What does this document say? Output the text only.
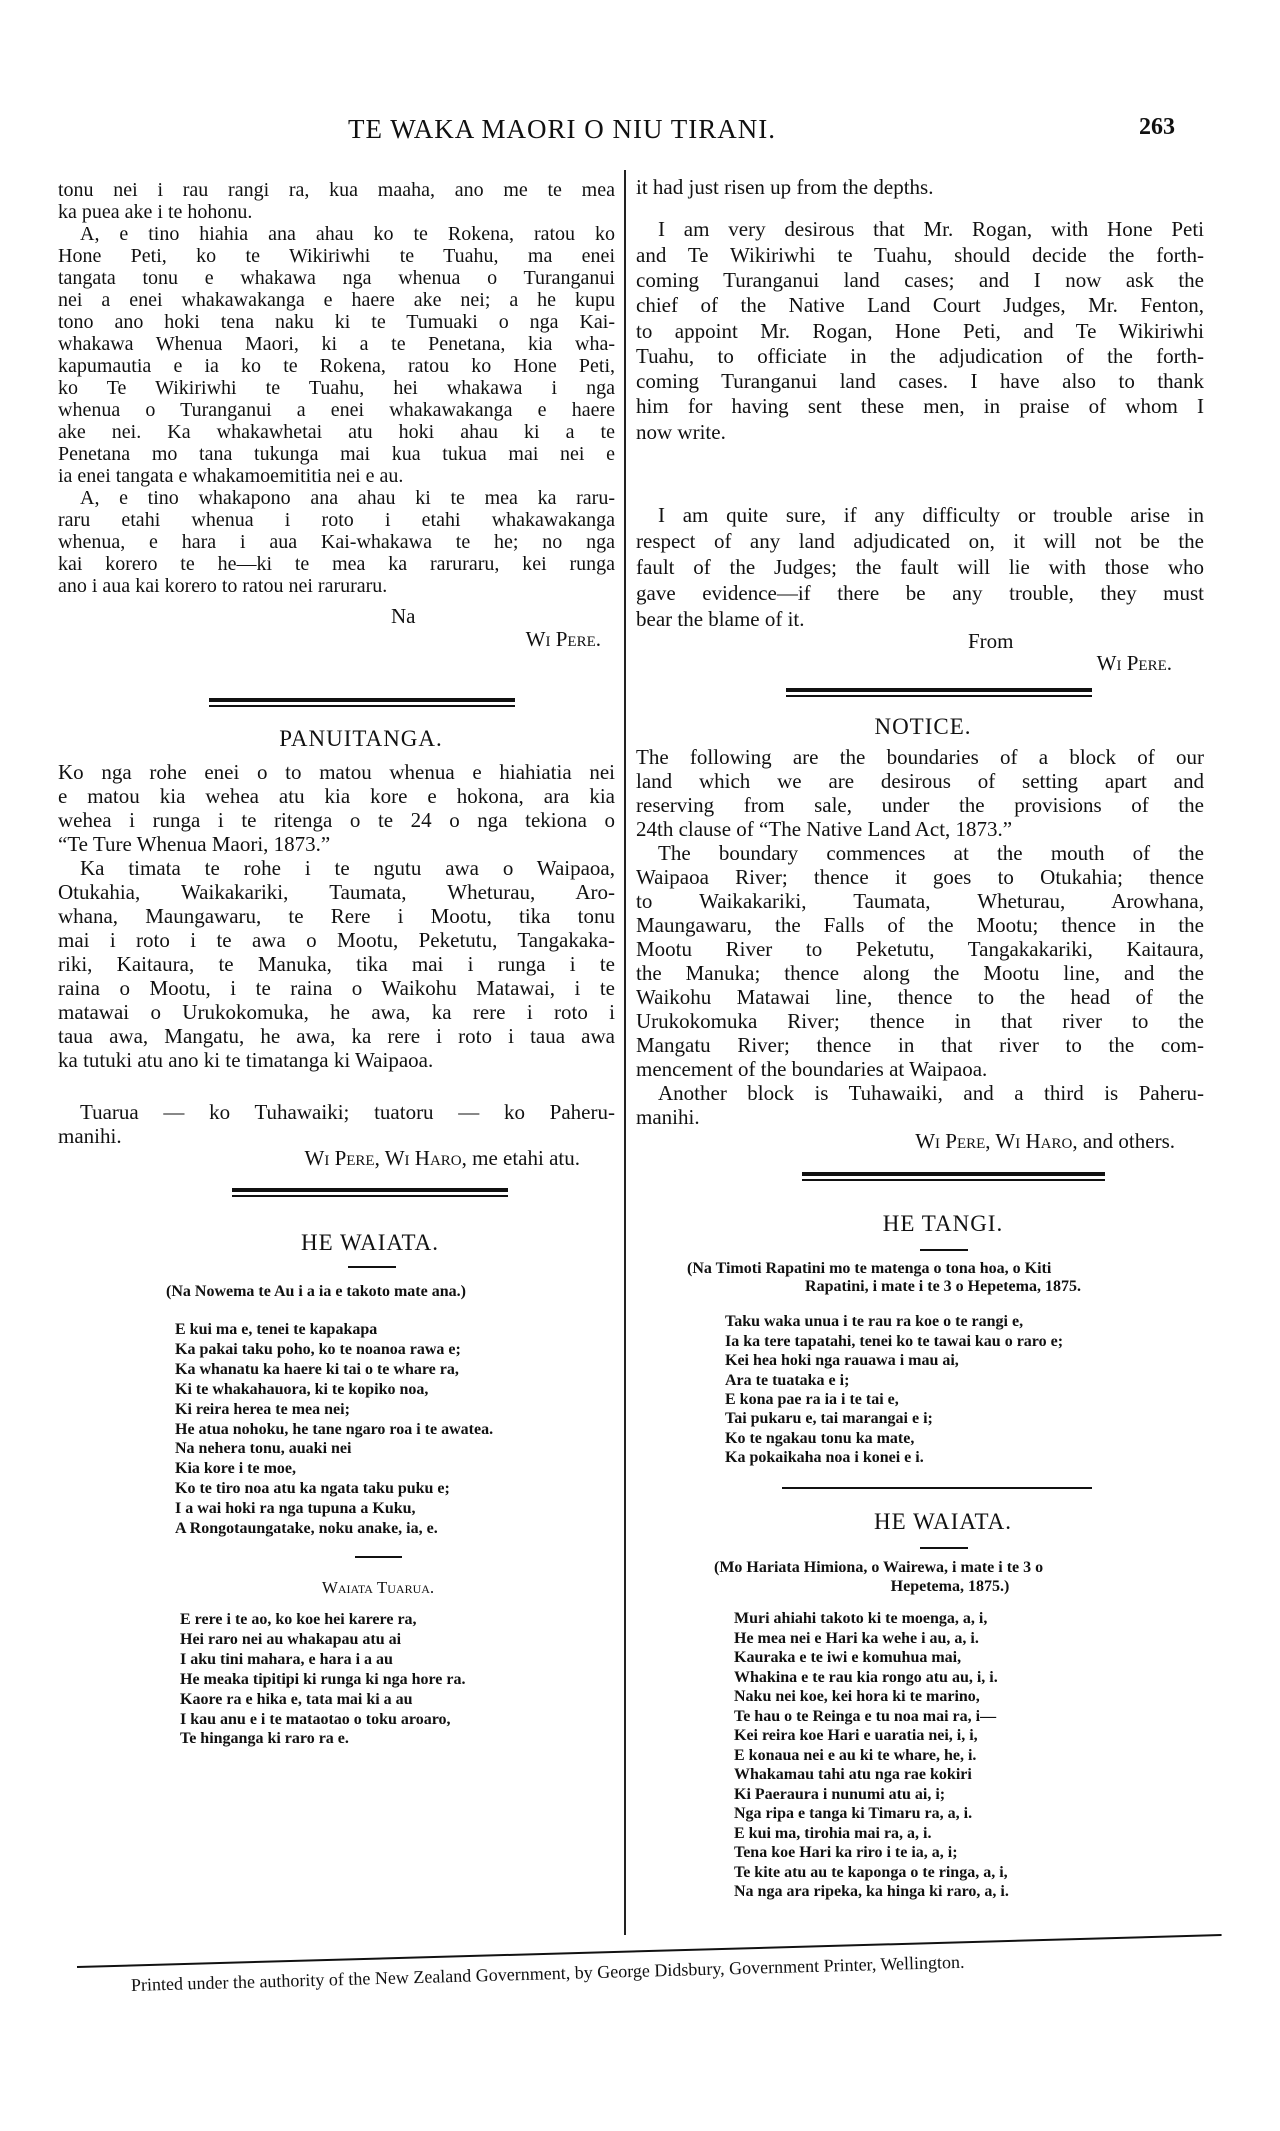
TE WAKA MAORI O NIU TIRANI.	263
tonu nei i rau rangi ra, kua maaha, ano me te mea
ka puea ake i te hohonu.
A, e tino hiahia ana ahau ko te Rokena, ratou ko
Hone Peti, ko te Wikiriwhi te Tuahu, ma enei
tangata tonu e whakawa nga whenua o Turanganui
nei a enei whakawakanga e haere ake nei; a he kupu
tono ano hoki tena naku ki te Tumuaki o nga Kai-
whakawa Whenua Maori, ki a te Penetana, kia wha-
kapumautia e ia ko te Rokena, ratou ko Hone Peti,
ko Te Wikiriwhi te Tuahu, hei whakawa i nga
whenua o Turanganui a enei whakawakanga e haere
ake nei. Ka whakawhetai atu hoki ahau ki a te
Penetana mo tana tukunga mai kua tukua mai nei e
ia enei tangata e whakamoemititia nei e au.
A, e tino whakapono ana ahau ki te mea ka raru-
raru etahi whenua i roto i etahi whakawakanga
whenua, e hara i aua Kai-whakawa te he; no nga
kai korero te he—ki te mea ka raruraru, kei runga
ano i aua kai korero to ratou nei raruraru.
Na
Wi Pere.
PANUITANGA.
Ko nga rohe enei o to matou whenua e hiahiatia nei
e matou kia wehea atu kia kore e hokona, ara kia
wehea i runga i te ritenga o te 24 o nga tekiona o
“Te Ture Whenua Maori, 1873.”
Ka timata te rohe i te ngutu awa o Waipaoa,
Otukahia, Waikakariki, Taumata, Wheturau, Aro-
whana, Maungawaru, te Rere i Mootu, tika tonu
mai i roto i te awa o Mootu, Peketutu, Tangakaka-
riki, Kaitaura, te Manuka, tika mai i runga i te
raina o Mootu, i te raina o Waikohu Matawai, i te
matawai o Urukokomuka, he awa, ka rere i roto i
taua awa, Mangatu, he awa, ka rere i roto i taua awa
ka tutuki atu ano ki te timatanga ki Waipaoa.
Tuarua — ko Tuhawaiki; tuatoru — ko Paheru-
manihi.
Wi Pere, Wi Haro, me etahi atu.
HE WAIATA.
(Na Nowema te Au i a ia e takoto mate ana.)
E kui ma e, tenei te kapakapa
Ka pakai taku poho, ko te noanoa rawa e;
Ka whanatu ka haere ki tai o te whare ra,
Ki te whakahauora, ki te kopiko noa,
Ki reira herea te mea nei;
He atua nohoku, he tane ngaro roa i te awatea.
Na nehera tonu, auaki nei
Kia kore i te moe,
Ko te tiro noa atu ka ngata taku puku e;
I a wai hoki ra nga tupuna a Kuku,
A Rongotaungatake, noku anake, ia, e.
Waiata Tuarua.
E rere i te ao, ko koe hei karere ra,
Hei raro nei au whakapau atu ai
I aku tini mahara, e hara i a au
He meaka tipitipi ki runga ki nga hore ra.
Kaore ra e hika e, tata mai ki a au
I kau anu e i te mataotao o toku aroaro,
Te hinganga ki raro ra e.
it had just risen up from the depths.
I am very desirous that Mr. Rogan, with Hone Peti
and Te Wikiriwhi te Tuahu, should decide the forth-
coming Turanganui land cases; and I now ask the
chief of the Native Land Court Judges, Mr. Fenton,
to appoint Mr. Rogan, Hone Peti, and Te Wikiriwhi
Tuahu, to officiate in the adjudication of the forth-
coming Turanganui land cases. I have also to thank
him for having sent these men, in praise of whom I
now write.
I am quite sure, if any difficulty or trouble arise in
respect of any land adjudicated on, it will not be the
fault of the Judges; the fault will lie with those who
gave evidence—if there be any trouble, they must
bear the blame of it.
From
Wi Pere.
NOTICE.
The following are the boundaries of a block of our
land which we are desirous of setting apart and
reserving from sale, under the provisions of the
24th clause of “The Native Land Act, 1873.”
The boundary commences at the mouth of the
Waipaoa River; thence it goes to Otukahia; thence
to Waikakariki, Taumata, Wheturau, Arowhana,
Maungawaru, the Falls of the Mootu; thence in the
Mootu River to Peketutu, Tangakakariki, Kaitaura,
the Manuka; thence along the Mootu line, and the
Waikohu Matawai line, thence to the head of the
Urukokomuka River; thence in that river to the
Mangatu River; thence in that river to the com-
mencement of the boundaries at Waipaoa.
Another block is Tuhawaiki, and a third is Paheru-
manihi.
Wi Pere, Wi Haro, and others.
HE TANGI.
(Na Timoti Rapatini mo te matenga o tona hoa, o Kiti
Rapatini, i mate i te 3 o Hepetema, 1875.
Taku waka unua i te rau ra koe o te rangi e,
Ia ka tere tapatahi, tenei ko te tawai kau o raro e;
Kei hea hoki nga rauawa i mau ai,
Ara te tuataka e i;
E kona pae ra ia i te tai e,
Tai pukaru e, tai marangai e i;
Ko te ngakau tonu ka mate,
Ka pokaikaha noa i konei e i.
HE WAIATA.
(Mo Hariata Himiona, o Wairewa, i mate i te 3 o
Hepetema, 1875.)
Muri ahiahi takoto ki te moenga, a, i,
He mea nei e Hari ka wehe i au, a, i.
Kauraka e te iwi e komuhua mai,
Whakina e te rau kia rongo atu au, i, i.
Naku nei koe, kei hora ki te marino,
Te hau o te Reinga e tu noa mai ra, i—
Kei reira koe Hari e uaratia nei, i, i,
E konaua nei e au ki te whare, he, i.
Whakamau tahi atu nga rae kokiri
Ki Paeraura i nunumi atu ai, i;
Nga ripa e tanga ki Timaru ra, a, i.
E kui ma, tirohia mai ra, a, i.
Tena koe Hari ka riro i te ia, a, i;
Te kite atu au te kaponga o te ringa, a, i,
Na nga ara ripeka, ka hinga ki raro, a, i.
Printed under the authority of the New Zealand Government, by George Didsbury, Government Printer, Wellington.
